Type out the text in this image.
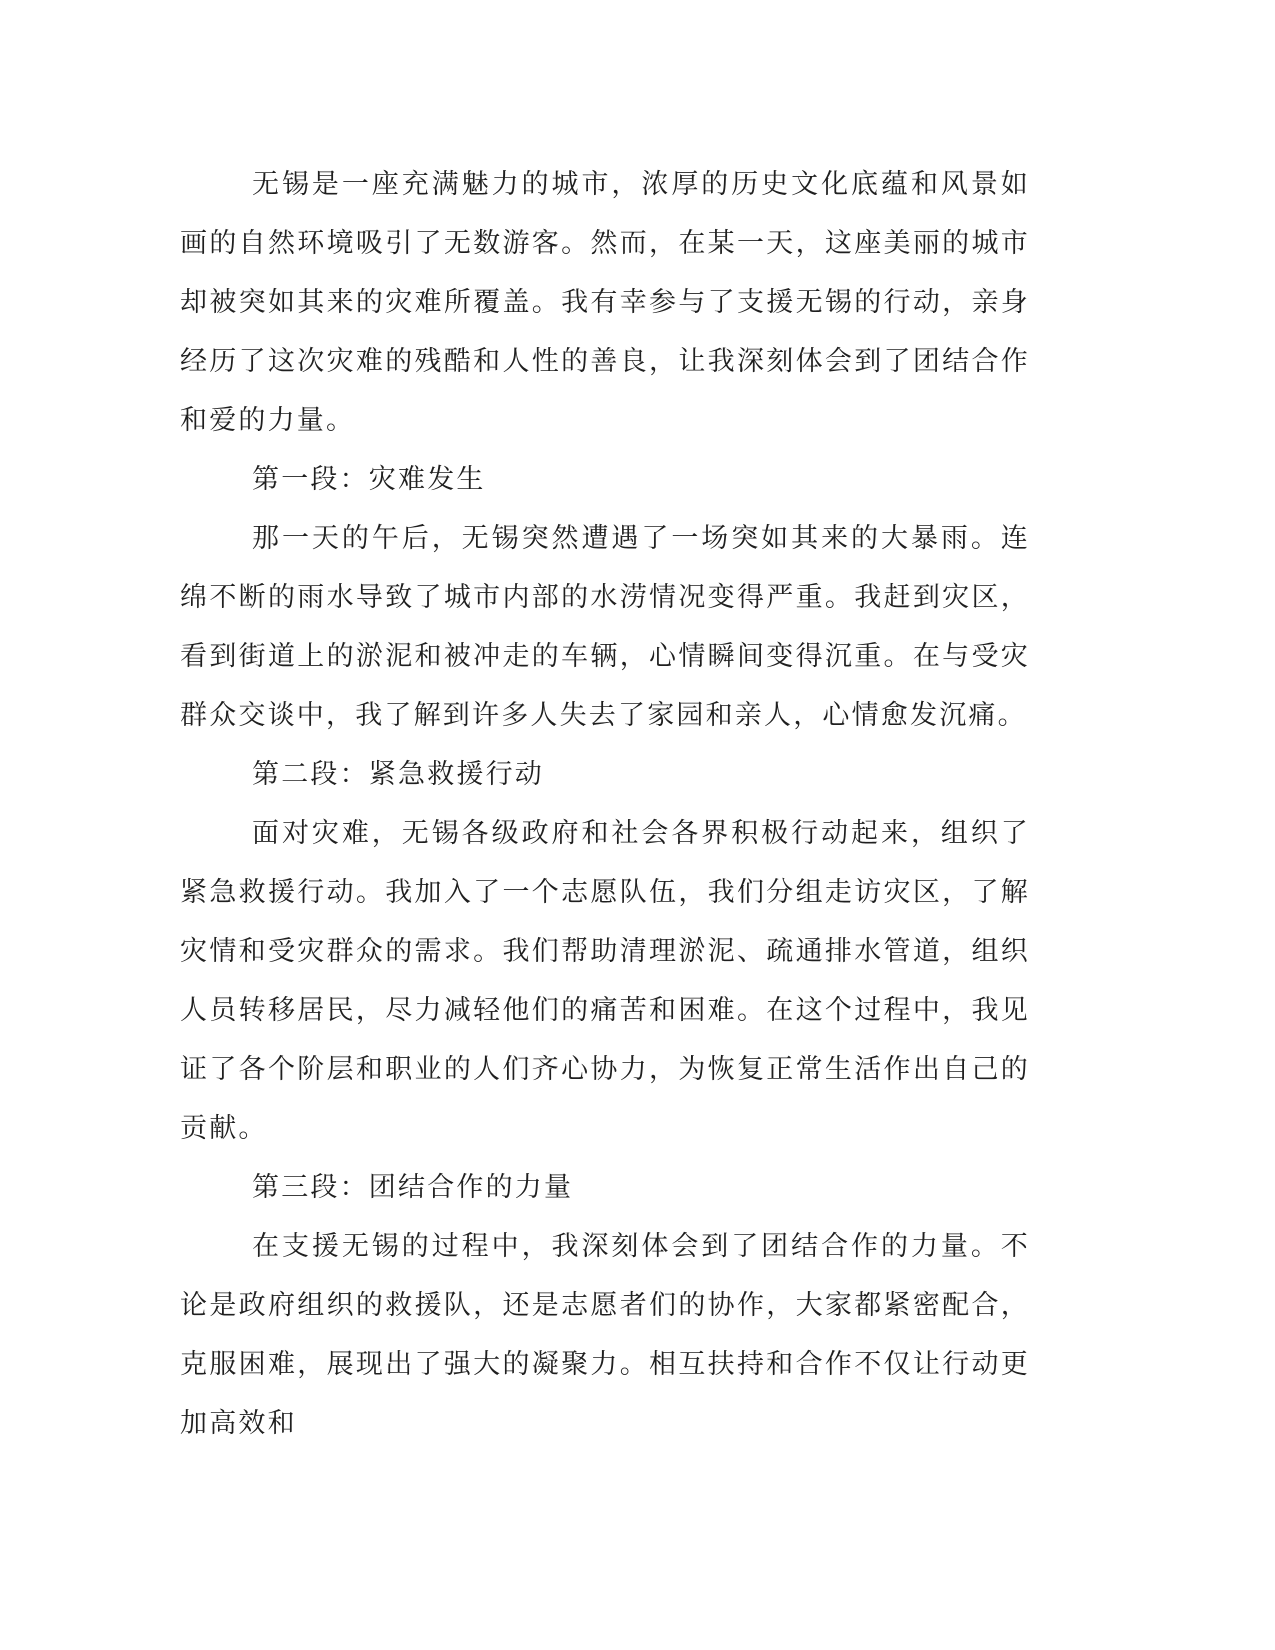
无锡是一座充满魅力的城市，浓厚的历史文化底蕴和风景如画的自然环境吸引了无数游客。然而，在某一天，这座美丽的城市却被突如其来的灾难所覆盖。我有幸参与了支援无锡的行动，亲身经历了这次灾难的残酷和人性的善良，让我深刻体会到了团结合作和爱的力量。

第一段：灾难发生

那一天的午后，无锡突然遭遇了一场突如其来的大暴雨。连绵不断的雨水导致了城市内部的水涝情况变得严重。我赶到灾区，看到街道上的淤泥和被冲走的车辆，心情瞬间变得沉重。在与受灾群众交谈中，我了解到许多人失去了家园和亲人，心情愈发沉痛。

第二段：紧急救援行动

面对灾难，无锡各级政府和社会各界积极行动起来，组织了紧急救援行动。我加入了一个志愿队伍，我们分组走访灾区，了解灾情和受灾群众的需求。我们帮助清理淤泥、疏通排水管道，组织人员转移居民，尽力减轻他们的痛苦和困难。在这个过程中，我见证了各个阶层和职业的人们齐心协力，为恢复正常生活作出自己的贡献。

第三段：团结合作的力量

在支援无锡的过程中，我深刻体会到了团结合作的力量。不论是政府组织的救援队，还是志愿者们的协作，大家都紧密配合，克服困难，展现出了强大的凝聚力。相互扶持和合作不仅让行动更加高效和
